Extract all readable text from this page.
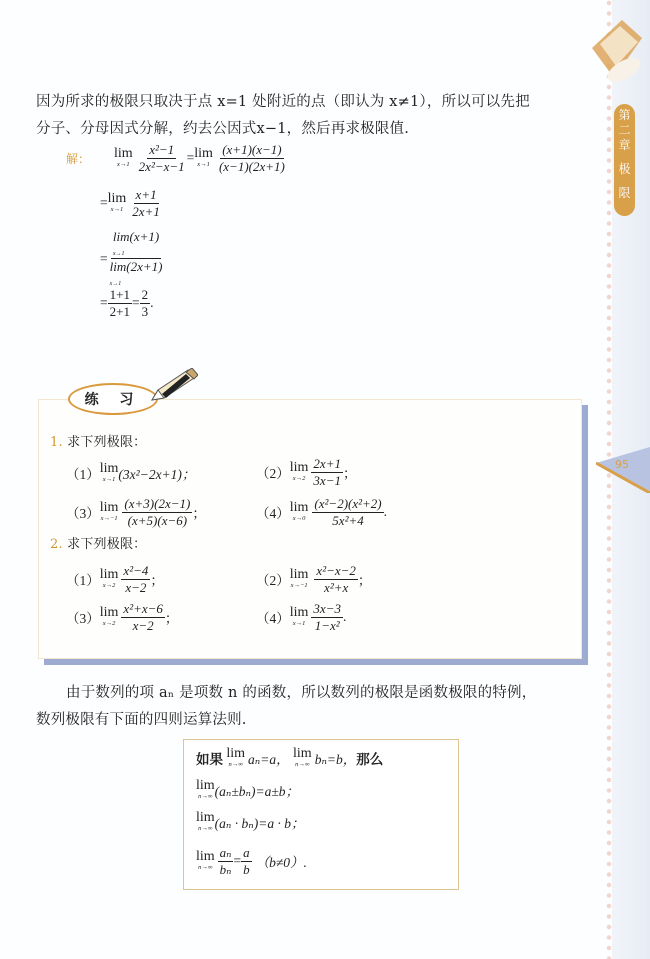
第
二
章
极
限
95
因为所求的极限只取决于点 x=1 处附近的点（即认为 x≠1），所以可以先把
分子、分母因式分解，约去公因式x−1，然后再求极限值.
解：	lim
$x\to 1 \frac{\text{x²−1}}{\text{2x²−x−1}} = \lim$
$x\to 1 \frac{(x+1)(x-1)}{(x-1)(2x+1)}$
= lim
$x\to 1 \frac{x+1}{2x+1}$
=
lim(x+1)
x→1
lim(2x+1)
x→1
= $\frac{1+1}{2+1} = \frac{2}{3}$ .
练 习
1. 求下列极限：
（1） lim
x→1 (3x²−2x+1)；	（2） lim
$x\to 2 \frac{2x+1}{3x-1}$ ；
（3） lim
$x\to-1 \frac{(x+3)(2x-1)}{(x+5)(x-6)}$ ；	（4） lim
$x\to 0 \frac{\text{(x²−2)(x²+2)}}{\text{5x²+4}}$ .
2. 求下列极限：
（1） lim
$x\to 2 \frac{\text{x²−4}}{x-2}$ ；	（2） lim
$x\to-1 \frac{\text{x²−x−2}}{\text{x²+x}}$ ；
（3） lim
$x\to 2 \frac{\text{x²+x−6}}{x-2}$ ；	（4） lim
$x\to 1 \frac{3x-3}{\text{1−x²}}$ .
由于数列的项 aₙ 是项数 n 的函数，所以数列的极限是函数极限的特例，
数列极限有下面的四则运算法则.
如果
lim
n→∞ aₙ=a，
lim
n→∞ bₙ=b， 那么
lim
n→∞ (aₙ±bₙ)=a±b；
lim
n→∞ (aₙ · bₙ)=a · b；
lim
$n\to\infty \frac{\text{aₙ}}{\text{bₙ}} = \frac{a}{b} (b\ne 0)$.
